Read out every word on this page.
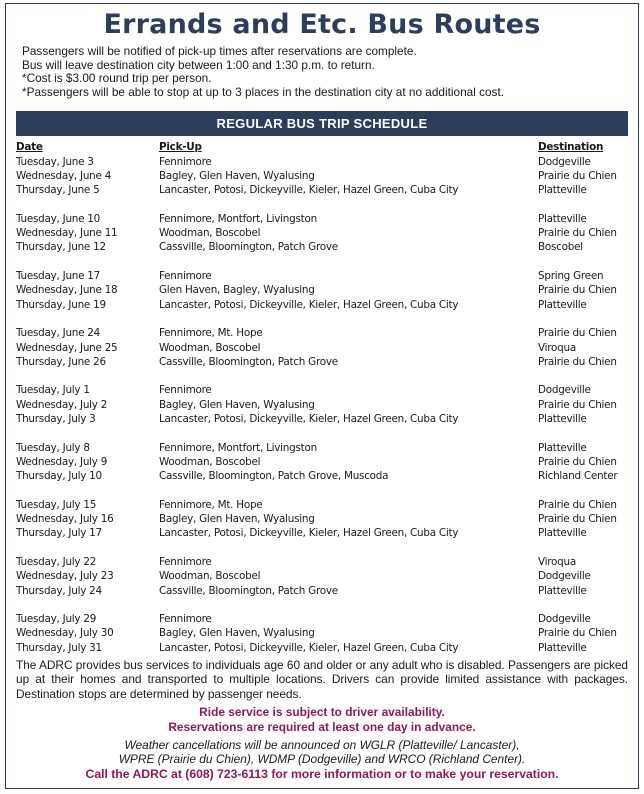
Errands and Etc. Bus Routes
Passengers will be notified of pick-up times after reservations are complete.
Bus will leave destination city between 1:00 and 1:30 p.m. to return.
*Cost is $3.00 round trip per person.
*Passengers will be able to stop at up to 3 places in the destination city at no additional cost.
REGULAR BUS TRIP SCHEDULE
Date	Pick-Up	Destination
Tuesday, June 3	Fennimore	Dodgeville
Wednesday, June 4	Bagley, Glen Haven, Wyalusing	Prairie du Chien
Thursday, June 5	Lancaster, Potosi, Dickeyville, Kieler, Hazel Green, Cuba City	Platteville
Tuesday, June 10	Fennimore, Montfort, Livingston	Platteville
Wednesday, June 11	Woodman, Boscobel	Prairie du Chien
Thursday, June 12	Cassville, Bloomington, Patch Grove	Boscobel
Tuesday, June 17	Fennimore	Spring Green
Wednesday, June 18	Glen Haven, Bagley, Wyalusing	Prairie du Chien
Thursday, June 19	Lancaster, Potosi, Dickeyville, Kieler, Hazel Green, Cuba City	Platteville
Tuesday, June 24	Fennimore, Mt. Hope	Prairie du Chien
Wednesday, June 25	Woodman, Boscobel	Viroqua
Thursday, June 26	Cassville, Bloomington, Patch Grove	Prairie du Chien
Tuesday, July 1	Fennimore	Dodgeville
Wednesday, July 2	Bagley, Glen Haven, Wyalusing	Prairie du Chien
Thursday, July 3	Lancaster, Potosi, Dickeyville, Kieler, Hazel Green, Cuba City	Platteville
Tuesday, July 8	Fennimore, Montfort, Livingston	Platteville
Wednesday, July 9	Woodman, Boscobel	Prairie du Chien
Thursday, July 10	Cassville, Bloomington, Patch Grove, Muscoda	Richland Center
Tuesday, July 15	Fennimore, Mt. Hope	Prairie du Chien
Wednesday, July 16	Bagley, Glen Haven, Wyalusing	Prairie du Chien
Thursday, July 17	Lancaster, Potosi, Dickeyville, Kieler, Hazel Green, Cuba City	Platteville
Tuesday, July 22	Fennimore	Viroqua
Wednesday, July 23	Woodman, Boscobel	Dodgeville
Thursday, July 24	Cassville, Bloomington, Patch Grove	Platteville
Tuesday, July 29	Fennimore	Dodgeville
Wednesday, July 30	Bagley, Glen Haven, Wyalusing	Prairie du Chien
Thursday, July 31	Lancaster, Potosi, Dickeyville, Kieler, Hazel Green, Cuba City	Platteville
The ADRC provides bus services to individuals age 60 and older or any adult who is disabled. Passengers are picked up at their homes and transported to multiple locations. Drivers can provide limited assistance with packages. Destination stops are determined by passenger needs.
Ride service is subject to driver availability.
Reservations are required at least one day in advance.
Weather cancellations will be announced on WGLR (Platteville/ Lancaster),
WPRE (Prairie du Chien), WDMP (Dodgeville) and WRCO (Richland Center).
Call the ADRC at (608) 723-6113 for more information or to make your reservation.
